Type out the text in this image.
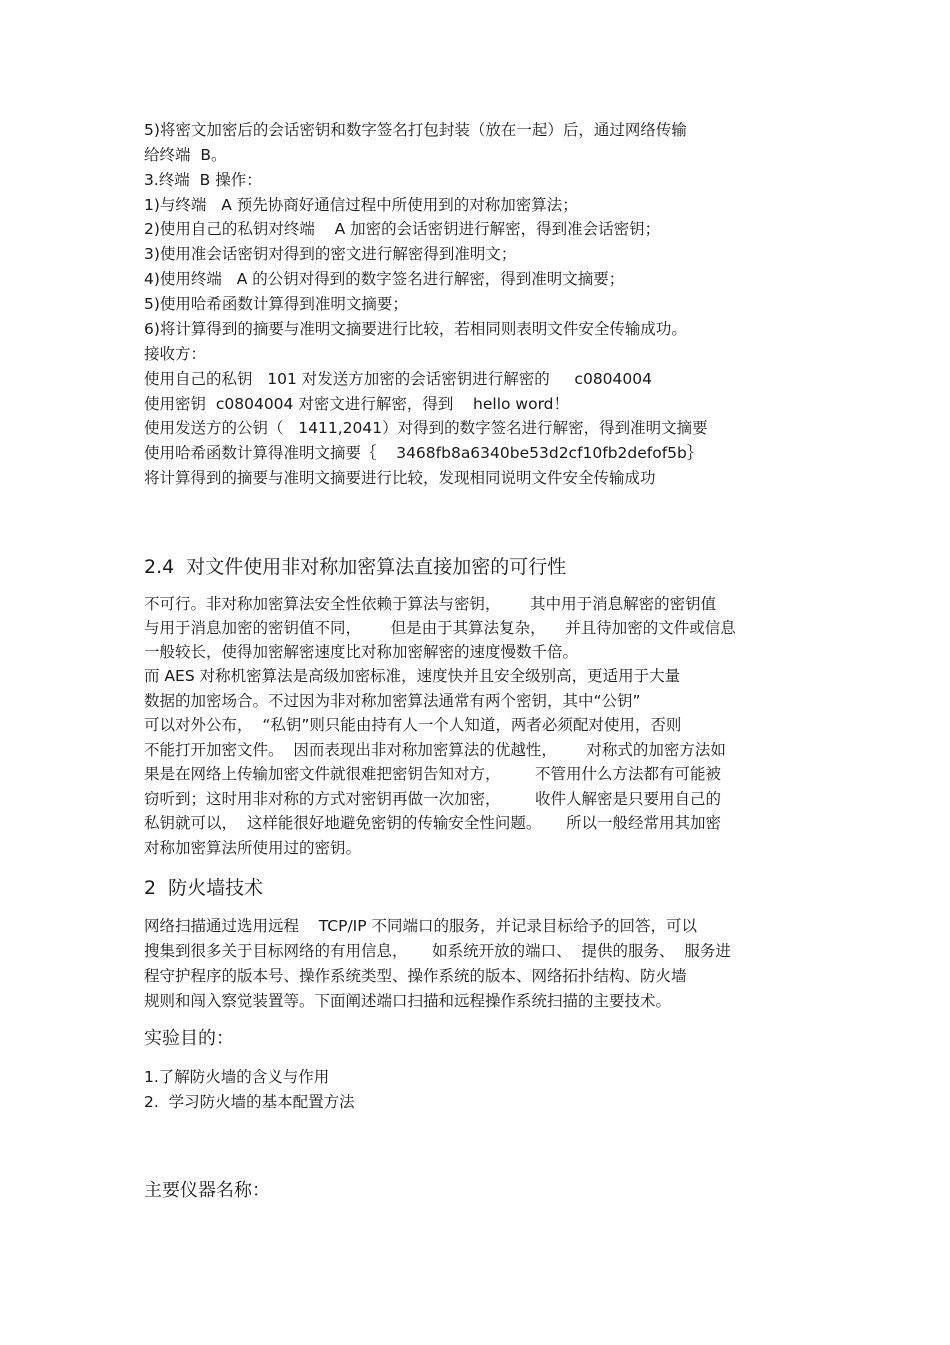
5)将密文加密后的会话密钥和数字签名打包封装（放在一起）后，通过网络传输
给终端  B。
3.终端  B 操作：
1)与终端   A 预先协商好通信过程中所使用到的对称加密算法；
2)使用自己的私钥对终端    A 加密的会话密钥进行解密，得到准会话密钥；
3)使用准会话密钥对得到的密文进行解密得到准明文；
4)使用终端   A 的公钥对得到的数字签名进行解密，得到准明文摘要；
5)使用哈希函数计算得到准明文摘要；
6)将计算得到的摘要与准明文摘要进行比较，若相同则表明文件安全传输成功。
接收方：
使用自己的私钥   101 对发送方加密的会话密钥进行解密的     c0804004
使用密钥  c0804004 对密文进行解密，得到    hello word！
使用发送方的公钥（   1411,2041）对得到的数字签名进行解密，得到准明文摘要
使用哈希函数计算得准明文摘要｛    3468fb8a6340be53d2cf10fb2defof5b｝
将计算得到的摘要与准明文摘要进行比较，发现相同说明文件安全传输成功
2.4  对文件使用非对称加密算法直接加密的可行性
不可行。非对称加密算法安全性依赖于算法与密钥，      其中用于消息解密的密钥值
与用于消息加密的密钥值不同，      但是由于其算法复杂，    并且待加密的文件或信息
一般较长，使得加密解密速度比对称加密解密的速度慢数千倍。
而 AES 对称机密算法是高级加密标准，速度快并且安全级别高，更适用于大量
数据的加密场合。不过因为非对称加密算法通常有两个密钥，其中“公钥”
可以对外公布，  “私钥”则只能由持有人一个人知道，两者必须配对使用，否则
不能打开加密文件。  因而表现出非对称加密算法的优越性，      对称式的加密方法如
果是在网络上传输加密文件就很难把密钥告知对方，       不管用什么方法都有可能被
窃听到；这时用非对称的方式对密钥再做一次加密，       收件人解密是只要用自己的
私钥就可以，  这样能很好地避免密钥的传输安全性问题。     所以一般经常用其加密
对称加密算法所使用过的密钥。
2  防火墙技术
网络扫描通过选用远程    TCP/IP 不同端口的服务，并记录目标给予的回答，可以
搜集到很多关于目标网络的有用信息，     如系统开放的端口、  提供的服务、  服务进
程守护程序的版本号、操作系统类型、操作系统的版本、网络拓扑结构、防火墙
规则和闯入察觉装置等。下面阐述端口扫描和远程操作系统扫描的主要技术。
实验目的：
1.了解防火墙的含义与作用
2.  学习防火墙的基本配置方法
主要仪器名称：
